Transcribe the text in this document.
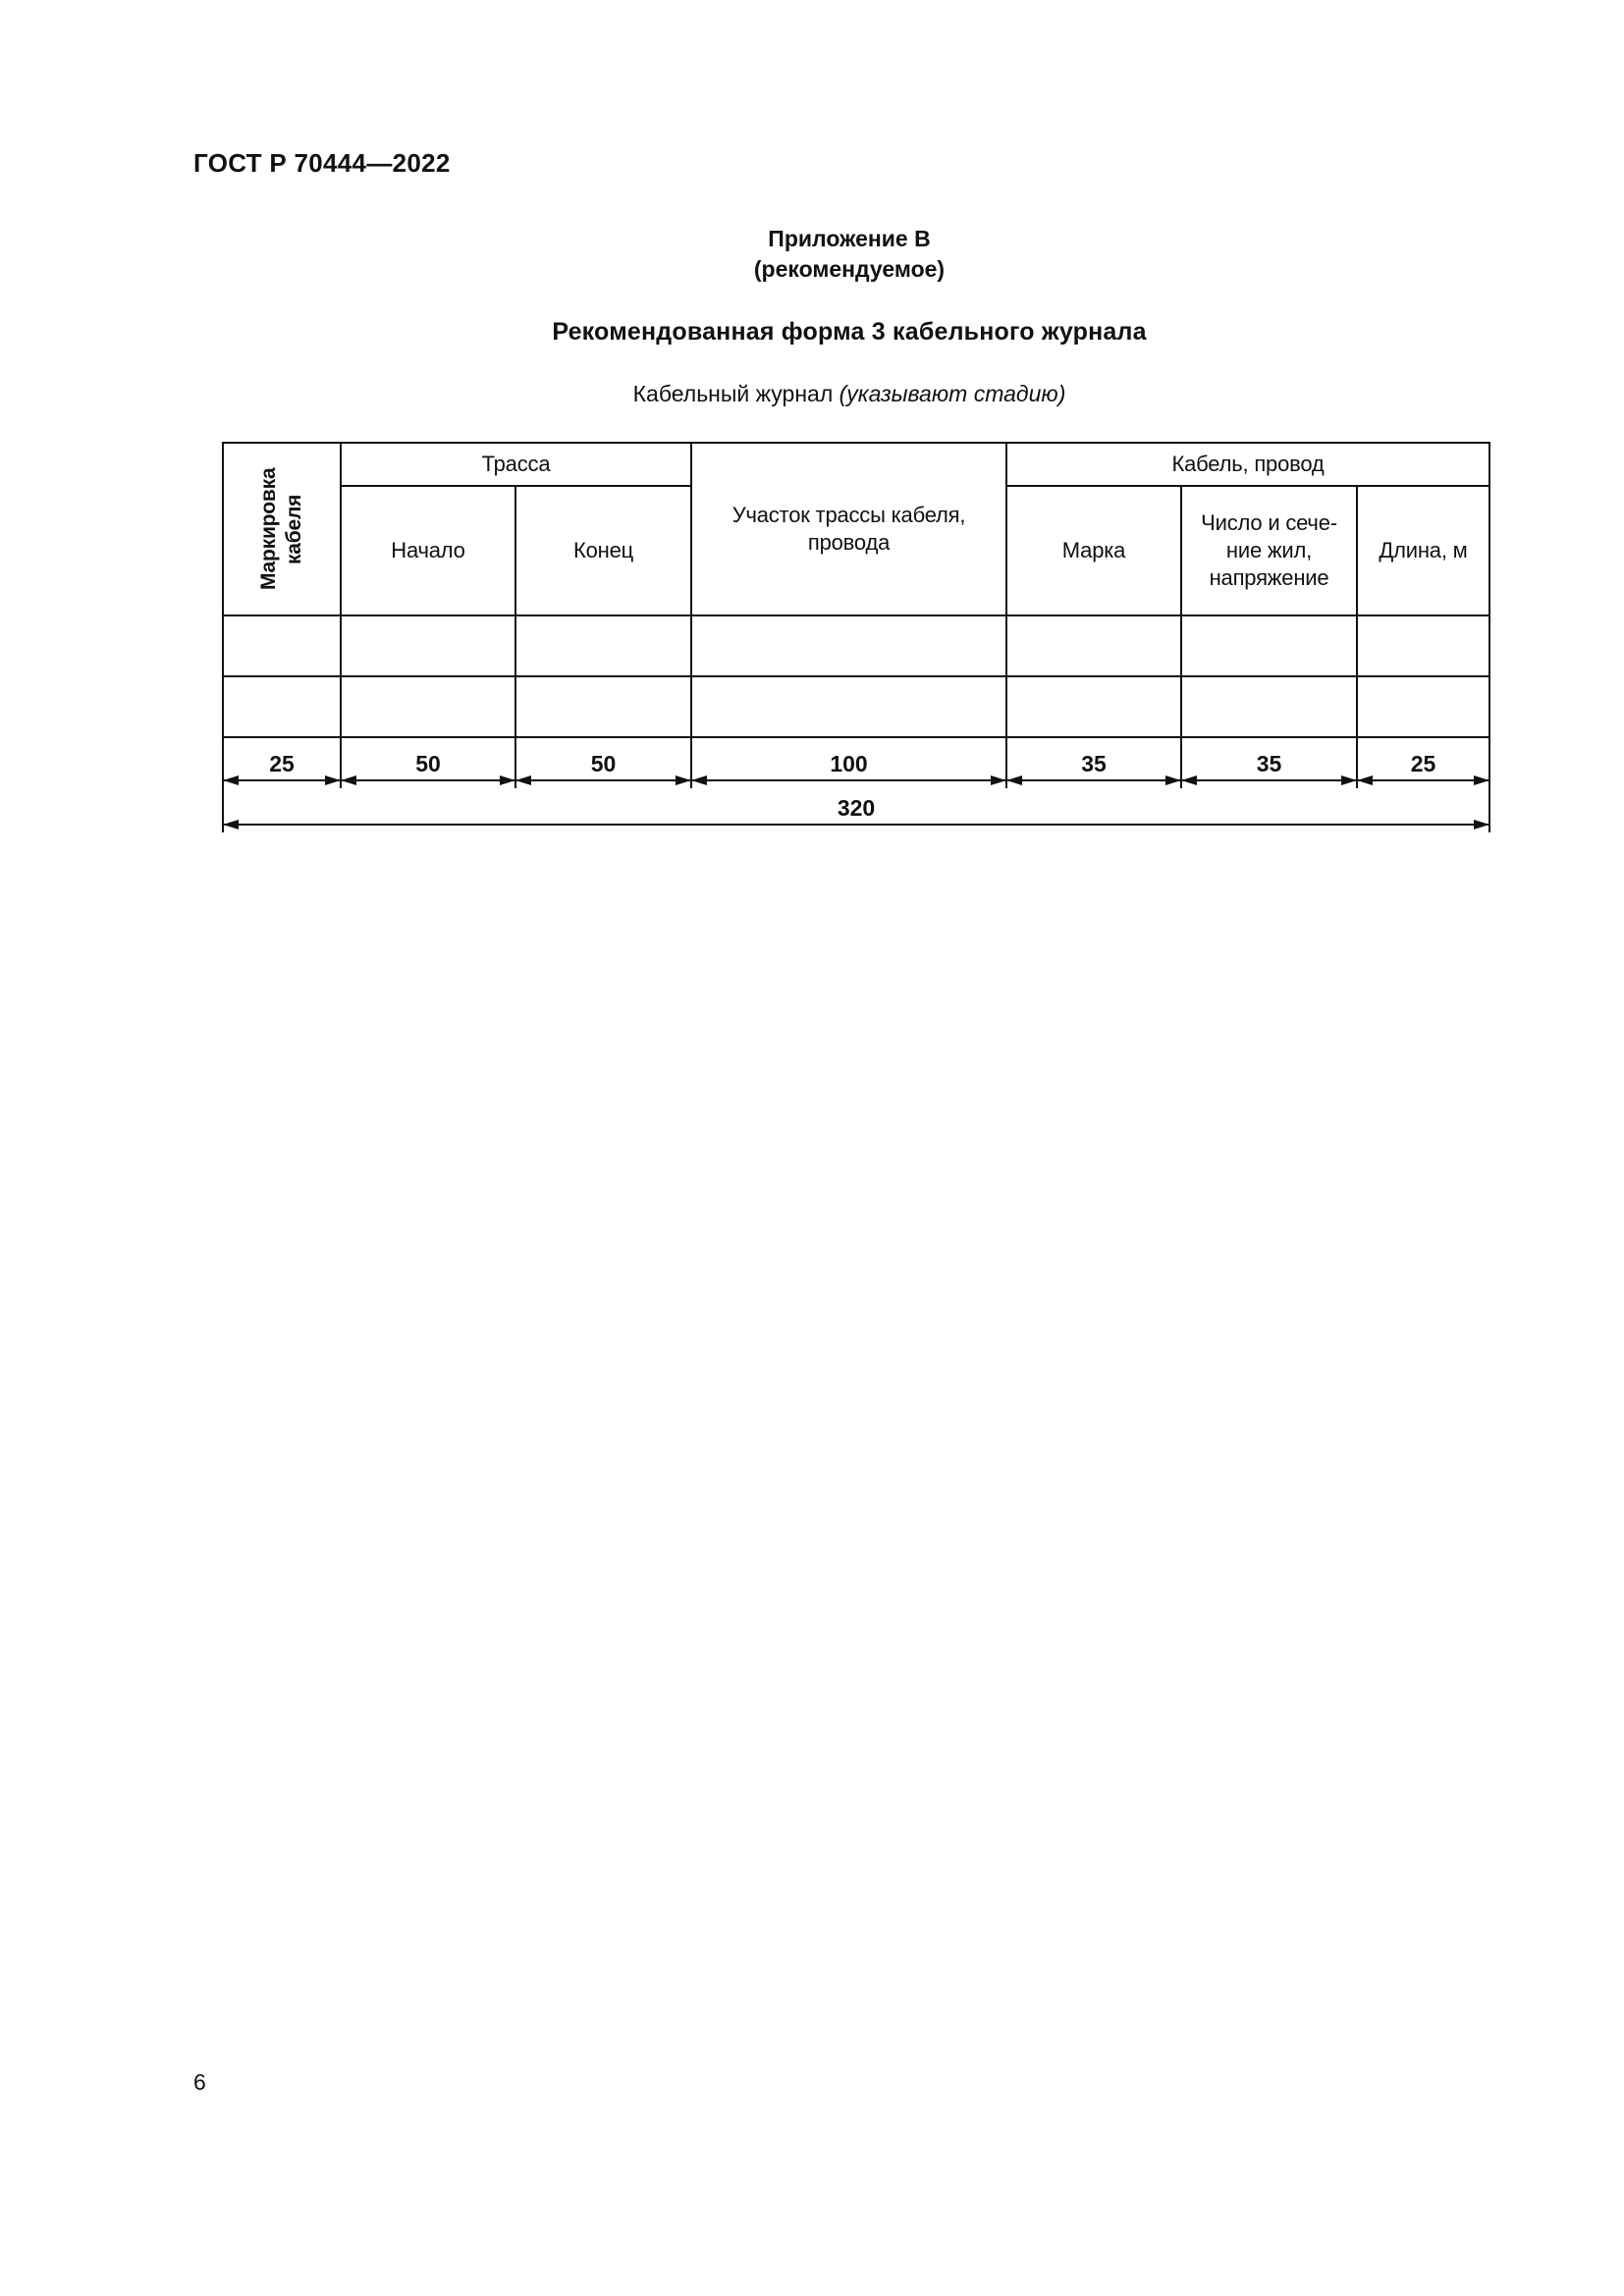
ГОСТ Р 70444—2022
Приложение В
(рекомендуемое)
Рекомендованная форма 3 кабельного журнала
Кабельный журнал (указывают стадию)
Маркировка кабеля	Трасса		Участок трассы кабеля, провода	Кабель, провод		
	Начало	Конец		Марка	Число и сече-ние жил, напряжение	Длина, м

25	50	50	100	35	35	25
320
6
